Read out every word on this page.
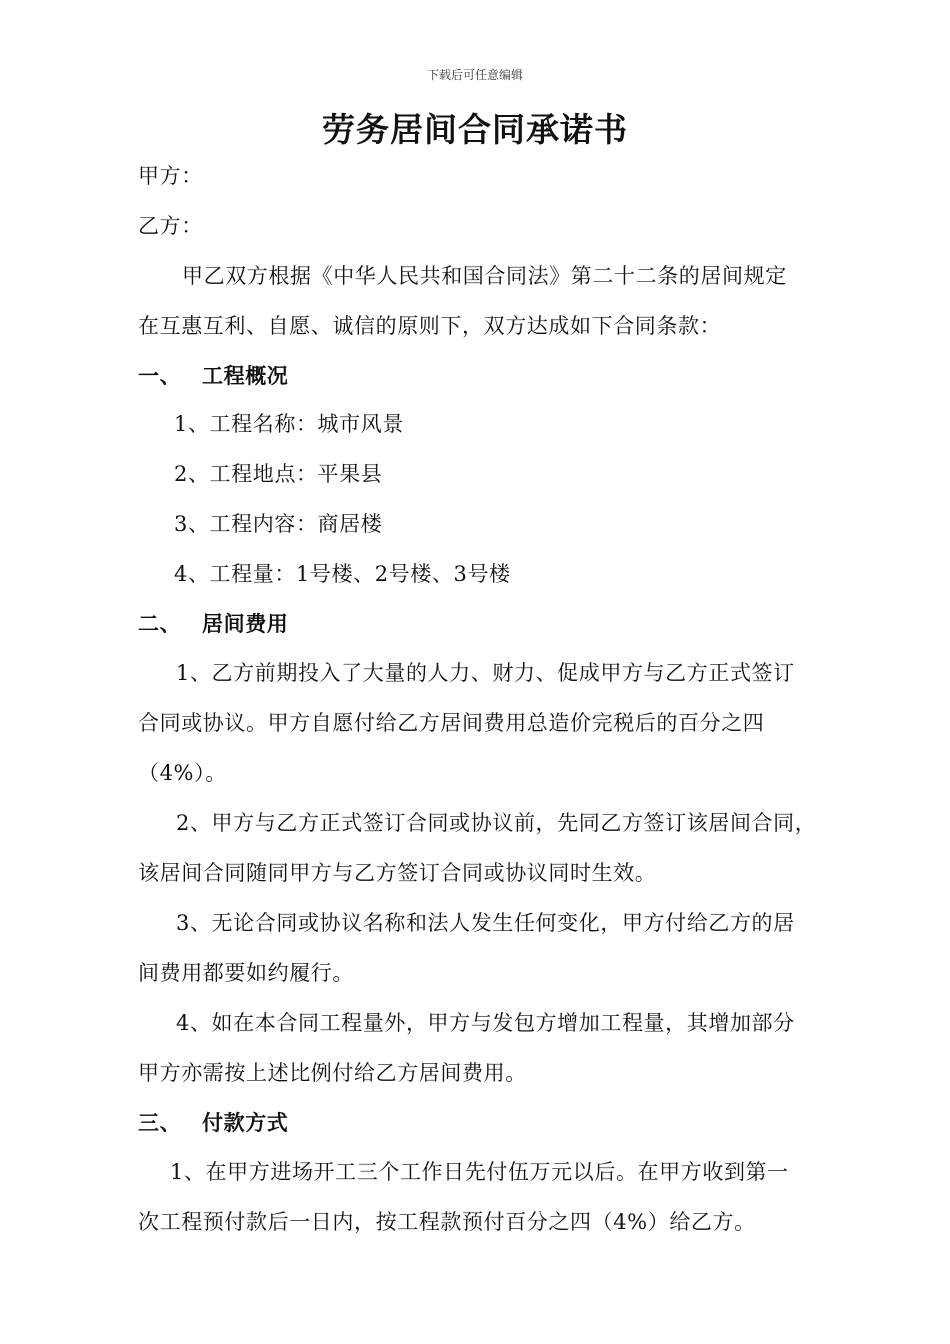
下载后可任意编辑
劳务居间合同承诺书
甲方：
乙方：
甲乙双方根据《中华人民共和国合同法》第二十二条的居间规定
在互惠互利、自愿、诚信的原则下，双方达成如下合同条款：
一、 工程概况
1、工程名称：城市风景
2、工程地点：平果县
3、工程内容：商居楼
4、工程量：1号楼、2号楼、3号楼
二、 居间费用
1、乙方前期投入了大量的人力、财力、促成甲方与乙方正式签订
合同或协议。甲方自愿付给乙方居间费用总造价完税后的百分之四
（4%）。
2、甲方与乙方正式签订合同或协议前，先同乙方签订该居间合同，
该居间合同随同甲方与乙方签订合同或协议同时生效。
3、无论合同或协议名称和法人发生任何变化，甲方付给乙方的居
间费用都要如约履行。
4、如在本合同工程量外，甲方与发包方增加工程量，其增加部分
甲方亦需按上述比例付给乙方居间费用。
三、 付款方式
1、在甲方进场开工三个工作日先付伍万元以后。在甲方收到第一
次工程预付款后一日内，按工程款预付百分之四（4%）给乙方。
